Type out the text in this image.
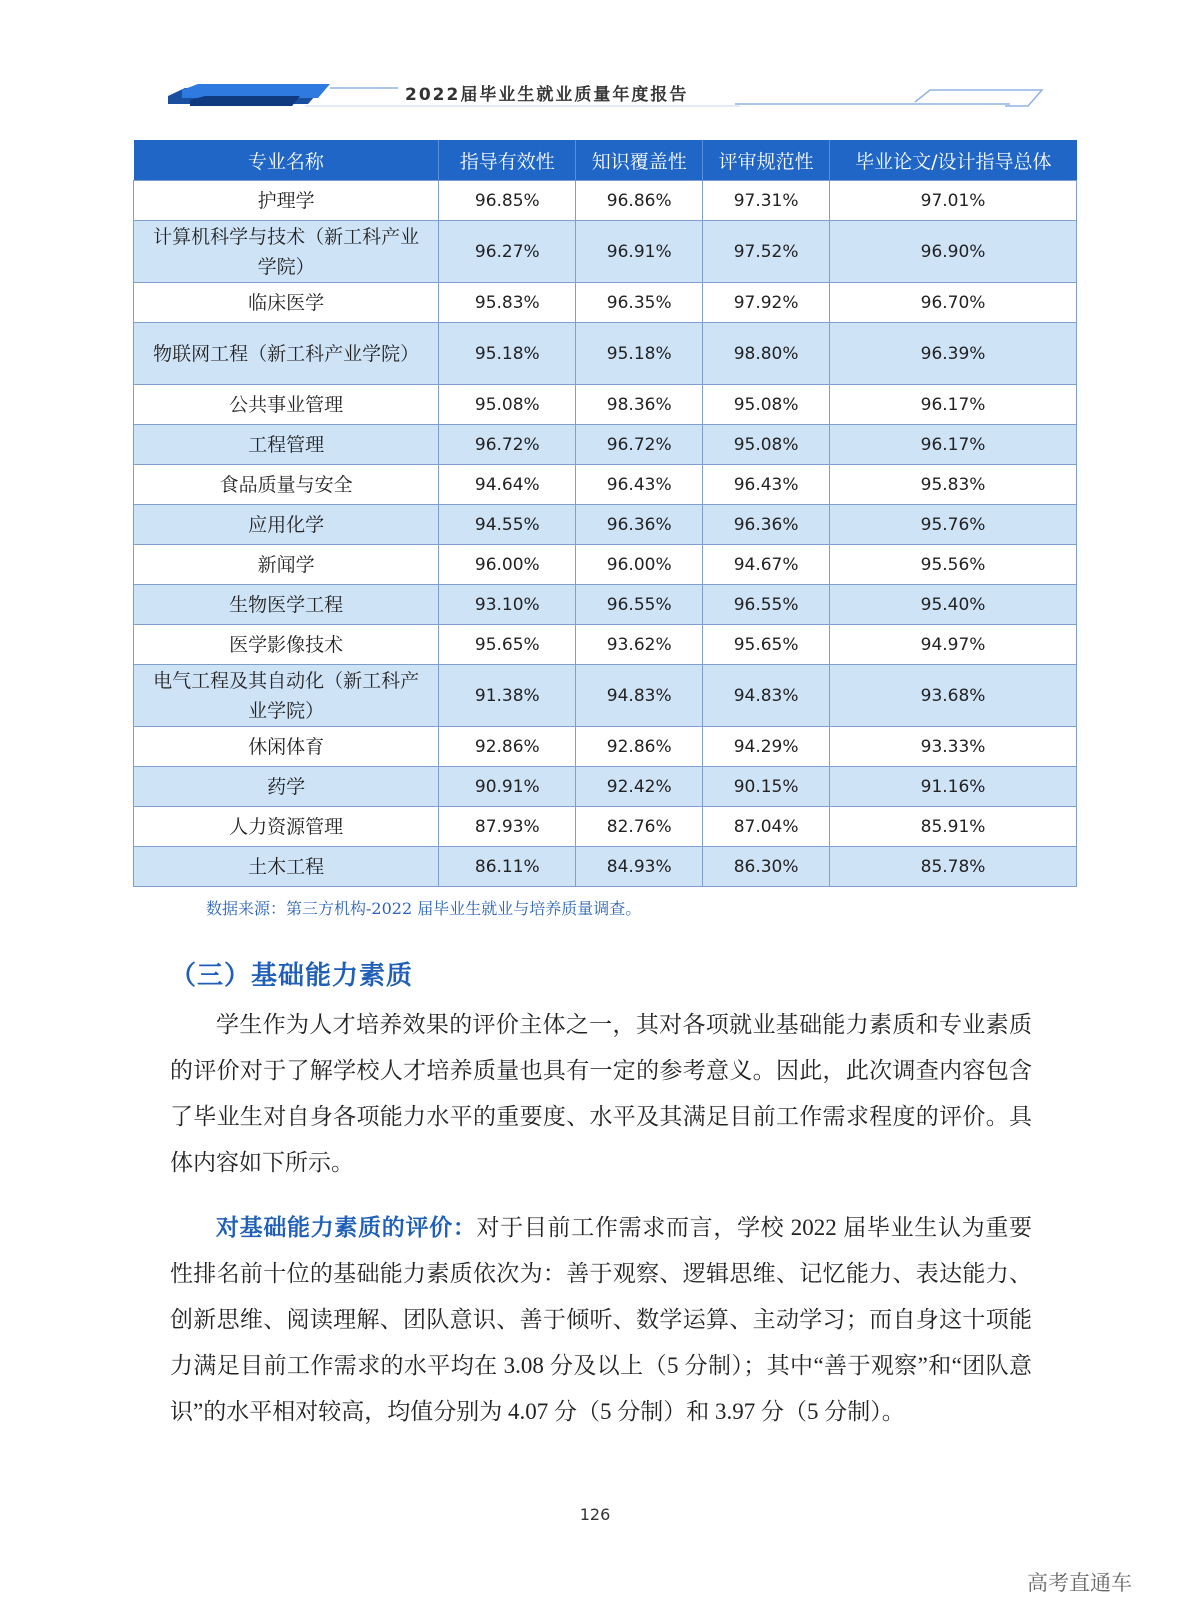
2022届毕业生就业质量年度报告
专业名称	指导有效性	知识覆盖性	评审规范性	毕业论文/设计指导总体
护理学	96.85%	96.86%	97.31%	97.01%
计算机科学与技术（新工科产业学院）	96.27%	96.91%	97.52%	96.90%
临床医学	95.83%	96.35%	97.92%	96.70%
物联网工程（新工科产业学院）	95.18%	95.18%	98.80%	96.39%
公共事业管理	95.08%	98.36%	95.08%	96.17%
工程管理	96.72%	96.72%	95.08%	96.17%
食品质量与安全	94.64%	96.43%	96.43%	95.83%
应用化学	94.55%	96.36%	96.36%	95.76%
新闻学	96.00%	96.00%	94.67%	95.56%
生物医学工程	93.10%	96.55%	96.55%	95.40%
医学影像技术	95.65%	93.62%	95.65%	94.97%
电气工程及其自动化（新工科产业学院）	91.38%	94.83%	94.83%	93.68%
休闲体育	92.86%	92.86%	94.29%	93.33%
药学	90.91%	92.42%	90.15%	91.16%
人力资源管理	87.93%	82.76%	87.04%	85.91%
土木工程	86.11%	84.93%	86.30%	85.78%
数据来源：第三方机构-2022 届毕业生就业与培养质量调查。
（三）基础能力素质
学生作为人才培养效果的评价主体之一，其对各项就业基础能力素质和专业素质的评价对于了解学校人才培养质量也具有一定的参考意义。因此，此次调查内容包含了毕业生对自身各项能力水平的重要度、水平及其满足目前工作需求程度的评价。具体内容如下所示。
对基础能力素质的评价：对于目前工作需求而言，学校 2022 届毕业生认为重要性排名前十位的基础能力素质依次为：善于观察、逻辑思维、记忆能力、表达能力、创新思维、阅读理解、团队意识、善于倾听、数学运算、主动学习；而自身这十项能力满足目前工作需求的水平均在 3.08 分及以上（5 分制）；其中“善于观察”和“团队意识”的水平相对较高，均值分别为 4.07 分（5 分制）和 3.97 分（5 分制）。
126
高考直通车
